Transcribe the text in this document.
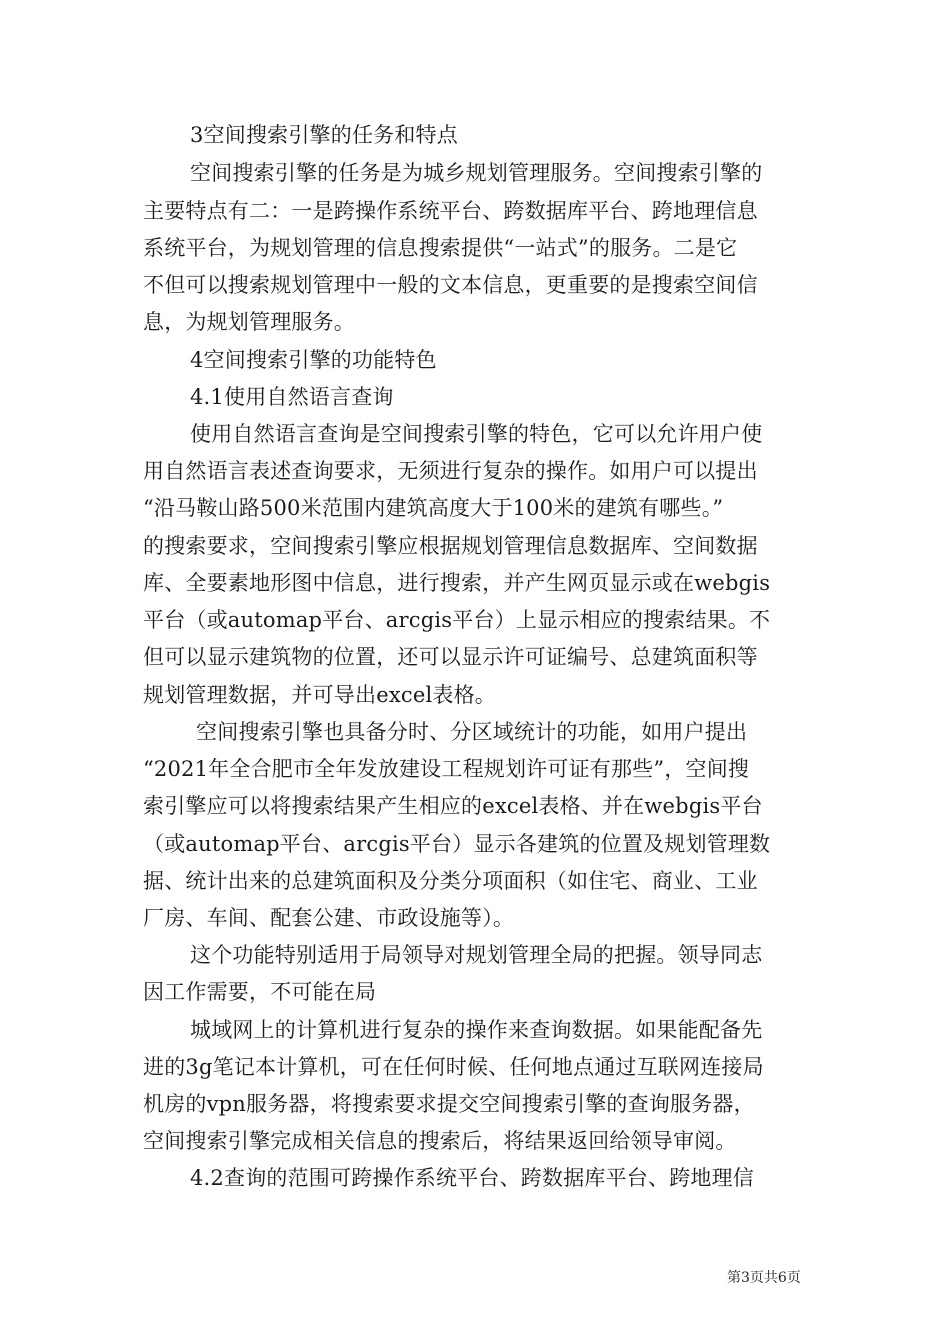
3空间搜索引擎的任务和特点
空间搜索引擎的任务是为城乡规划管理服务。空间搜索引擎的
主要特点有二：一是跨操作系统平台、跨数据库平台、跨地理信息
系统平台，为规划管理的信息搜索提供“一站式”的服务。二是它
不但可以搜索规划管理中一般的文本信息，更重要的是搜索空间信
息，为规划管理服务。
4空间搜索引擎的功能特色
4.1使用自然语言查询
使用自然语言查询是空间搜索引擎的特色，它可以允许用户使
用自然语言表述查询要求，无须进行复杂的操作。如用户可以提出
“沿马鞍山路500米范围内建筑高度大于100米的建筑有哪些。”
的搜索要求，空间搜索引擎应根据规划管理信息数据库、空间数据
库、全要素地形图中信息，进行搜索，并产生网页显示或在webgis
平台（或automap平台、arcgis平台）上显示相应的搜索结果。不
但可以显示建筑物的位置，还可以显示许可证编号、总建筑面积等
规划管理数据，并可导出excel表格。
空间搜索引擎也具备分时、分区域统计的功能，如用户提出
“2021年全合肥市全年发放建设工程规划许可证有那些”，空间搜
索引擎应可以将搜索结果产生相应的excel表格、并在webgis平台
（或automap平台、arcgis平台）显示各建筑的位置及规划管理数
据、统计出来的总建筑面积及分类分项面积（如住宅、商业、工业
厂房、车间、配套公建、市政设施等）。
这个功能特别适用于局领导对规划管理全局的把握。领导同志
因工作需要，不可能在局
城域网上的计算机进行复杂的操作来查询数据。如果能配备先
进的3g笔记本计算机，可在任何时候、任何地点通过互联网连接局
机房的vpn服务器，将搜索要求提交空间搜索引擎的查询服务器，
空间搜索引擎完成相关信息的搜索后，将结果返回给领导审阅。
4.2查询的范围可跨操作系统平台、跨数据库平台、跨地理信
第3页共6页
